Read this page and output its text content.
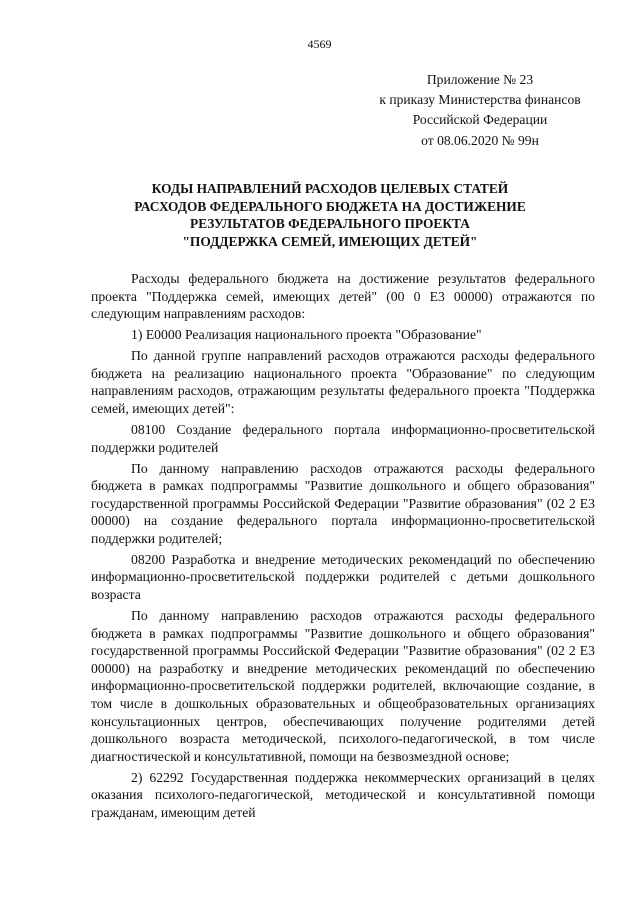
4569
Приложение № 23
к приказу Министерства финансов
Российской Федерации
от 08.06.2020 № 99н
КОДЫ НАПРАВЛЕНИЙ РАСХОДОВ ЦЕЛЕВЫХ СТАТЕЙ
РАСХОДОВ ФЕДЕРАЛЬНОГО БЮДЖЕТА НА ДОСТИЖЕНИЕ
РЕЗУЛЬТАТОВ ФЕДЕРАЛЬНОГО ПРОЕКТА
"ПОДДЕРЖКА СЕМЕЙ, ИМЕЮЩИХ ДЕТЕЙ"

Расходы федерального бюджета на достижение результатов федерального проекта "Поддержка семей, имеющих детей" (00 0 Е3 00000) отражаются по следующим направлениям расходов:

1) Е0000 Реализация национального проекта "Образование"

По данной группе направлений расходов отражаются расходы федерального бюджета на реализацию национального проекта "Образование" по следующим направлениям расходов, отражающим результаты федерального проекта "Поддержка семей, имеющих детей":

08100 Создание федерального портала информационно-просветительской поддержки родителей

По данному направлению расходов отражаются расходы федерального бюджета в рамках подпрограммы "Развитие дошкольного и общего образования" государственной программы Российской Федерации "Развитие образования" (02 2 Е3 00000) на создание федерального портала информационно-просветительской поддержки родителей;

08200 Разработка и внедрение методических рекомендаций по обеспечению информационно-просветительской поддержки родителей с детьми дошкольного возраста

По данному направлению расходов отражаются расходы федерального бюджета в рамках подпрограммы "Развитие дошкольного и общего образования" государственной программы Российской Федерации "Развитие образования" (02 2 Е3 00000) на разработку и внедрение методических рекомендаций по обеспечению информационно-просветительской поддержки родителей, включающие создание, в том числе в дошкольных образовательных и общеобразовательных организациях консультационных центров, обеспечивающих получение родителями детей дошкольного возраста методической, психолого-педагогической, в том числе диагностической и консультативной, помощи на безвозмездной основе;

2) 62292 Государственная поддержка некоммерческих организаций в целях оказания психолого-педагогической, методической и консультативной помощи гражданам, имеющим детей
